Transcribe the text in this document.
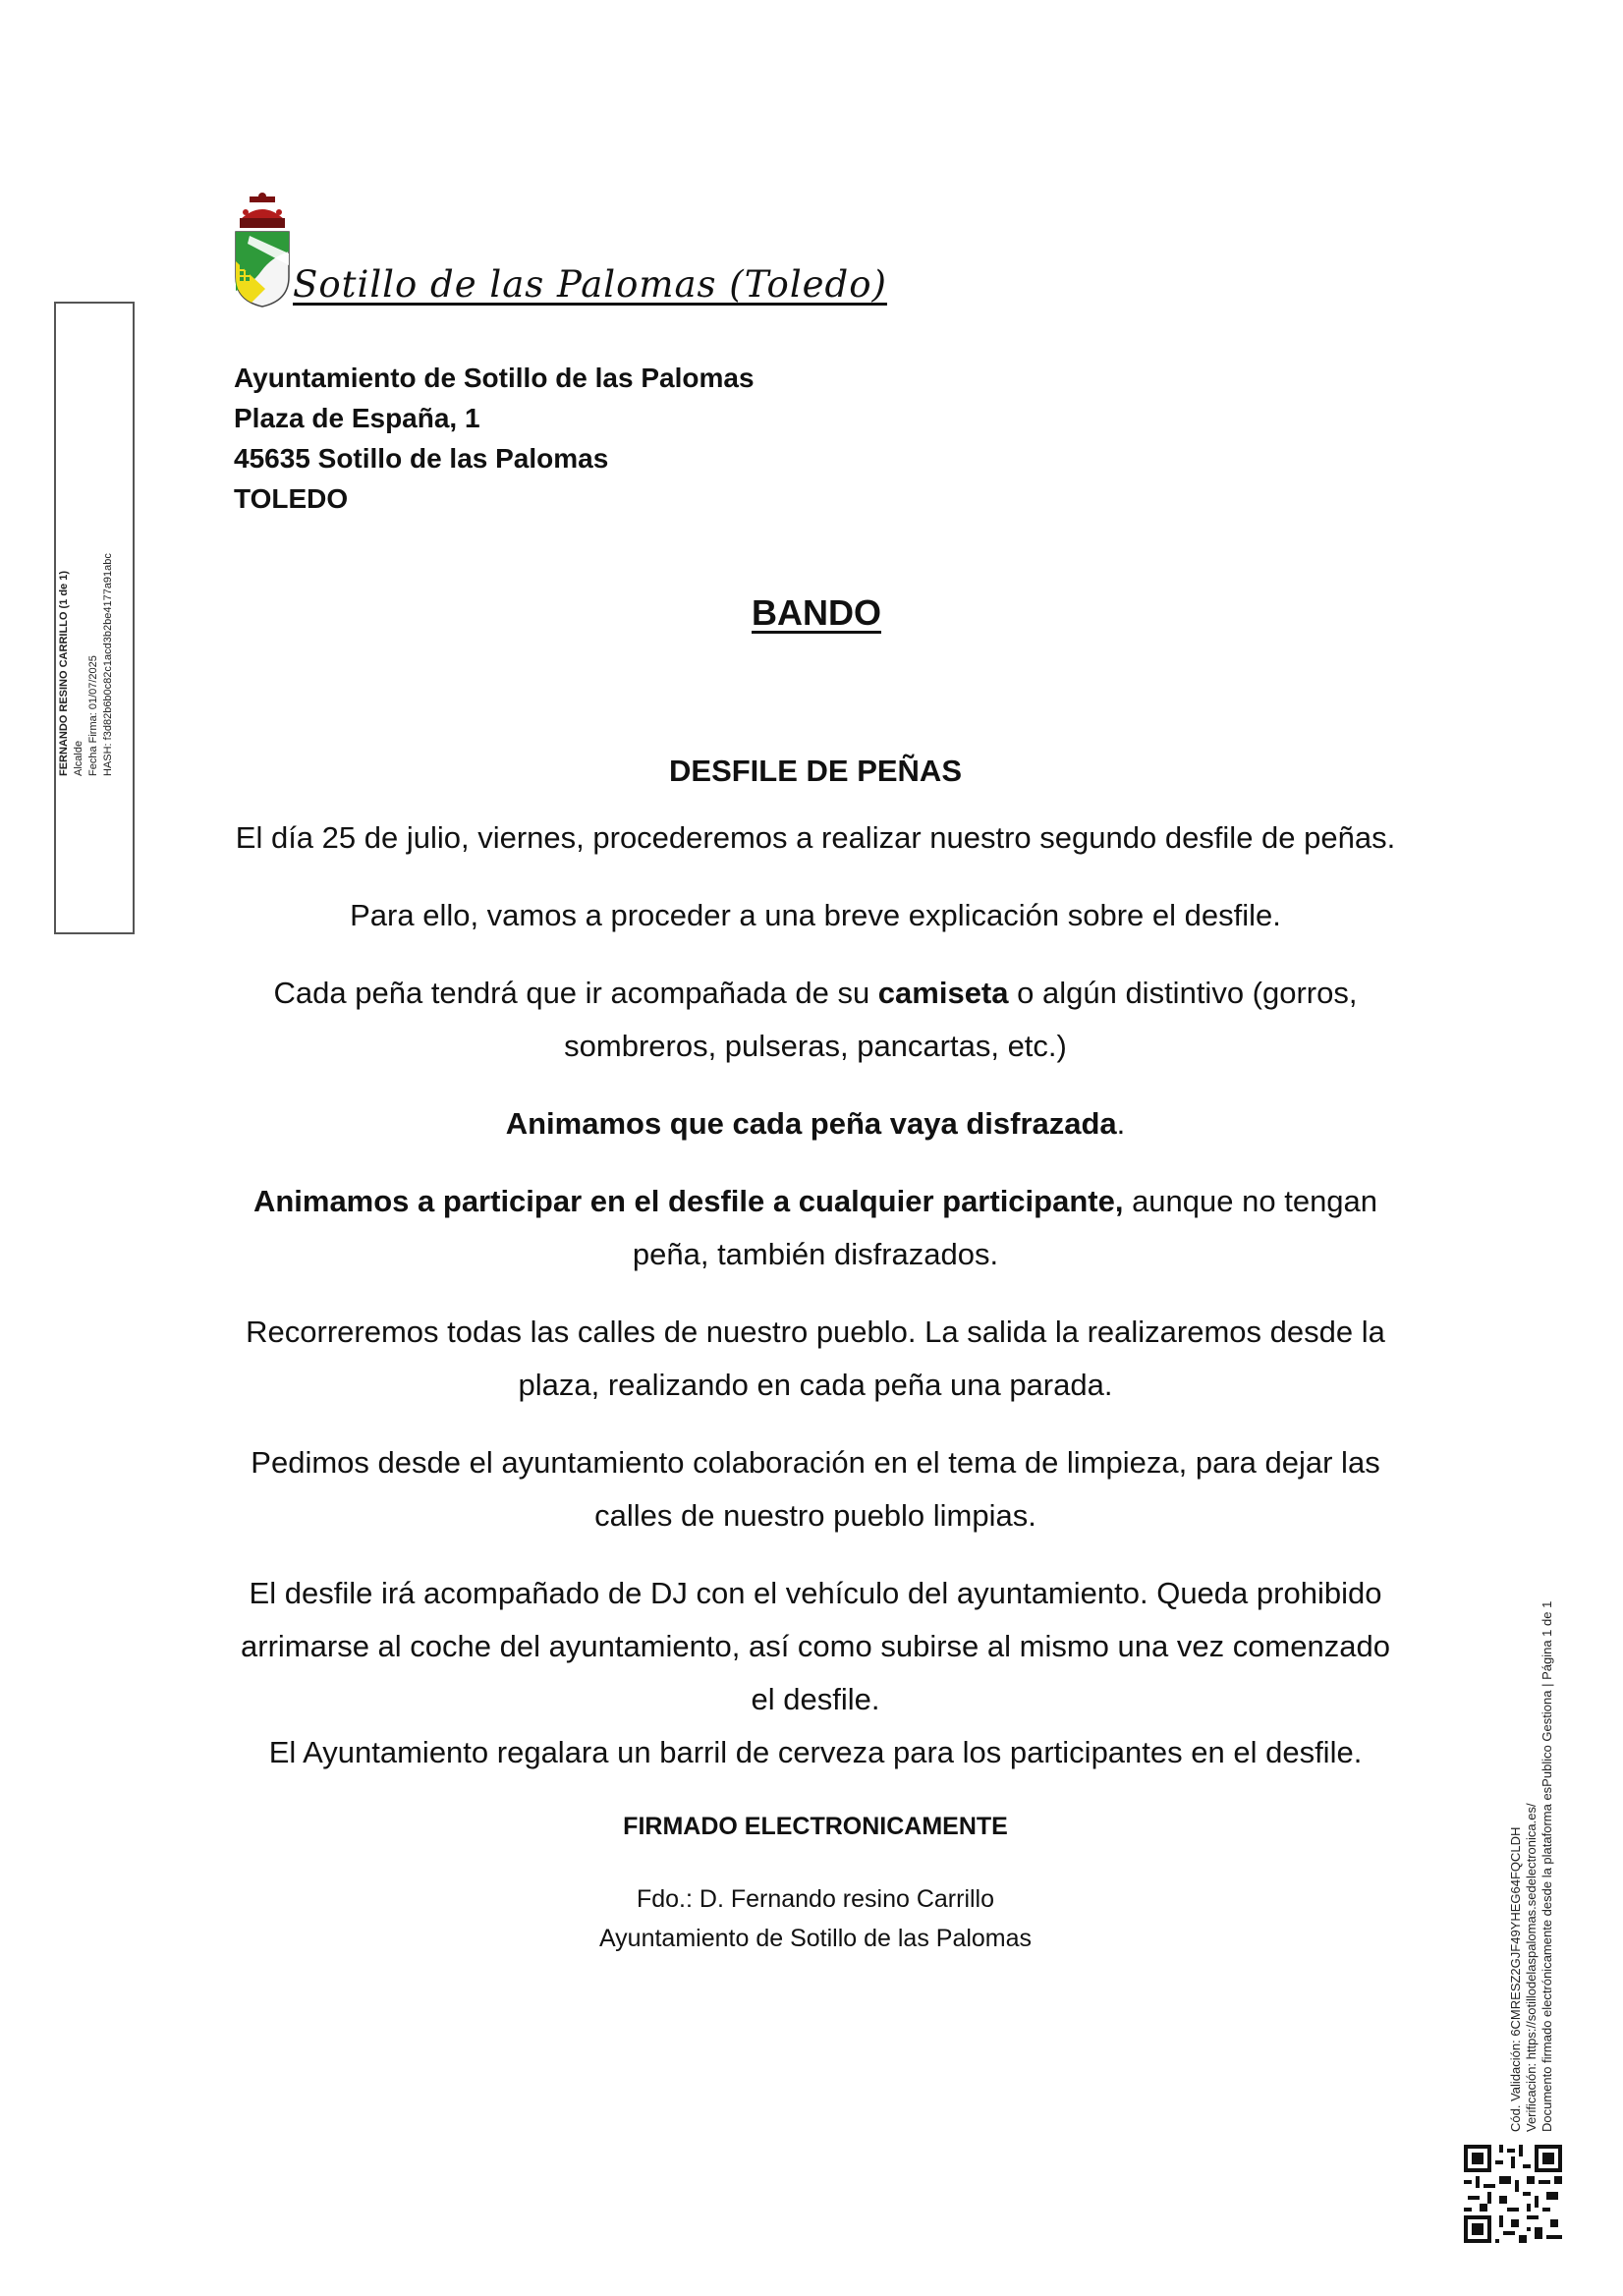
Sotillo de las Palomas (Toledo)
Ayuntamiento de Sotillo de las Palomas
Plaza de España, 1
45635 Sotillo de las Palomas
TOLEDO
BANDO

DESFILE DE PEÑAS

El día 25 de julio, viernes, procederemos a realizar nuestro segundo desfile de peñas.

Para ello, vamos a proceder a una breve explicación sobre el desfile.

Cada peña tendrá que ir acompañada de su camiseta o algún distintivo (gorros, sombreros, pulseras, pancartas, etc.)

Animamos que cada peña vaya disfrazada.

Animamos a participar en el desfile a cualquier participante, aunque no tengan peña, también disfrazados.

Recorreremos todas las calles de nuestro pueblo. La salida la realizaremos desde la plaza, realizando en cada peña una parada.

Pedimos desde el ayuntamiento colaboración en el tema de limpieza, para dejar las calles de nuestro pueblo limpias.

El desfile irá acompañado de DJ con el vehículo del ayuntamiento. Queda prohibido arrimarse al coche del ayuntamiento, así como subirse al mismo una vez comenzado el desfile.

El Ayuntamiento regalara un barril de cerveza para los participantes en el desfile.

FIRMADO ELECTRONICAMENTE

Fdo.: D. Fernando resino Carrillo
Ayuntamiento de Sotillo de las Palomas

FERNANDO RESINO CARRILLO (1 de 1) Alcalde Fecha Firma: 01/07/2025 HASH: f3d82b6b0c82c1acd3b2be4177a91abc
Cód. Validación: 6CMRESZ2GJF49YHEG64FQCLDH Verificación: https://sotillodelaspalomas.sedelectronica.es/ Documento firmado electrónicamente desde la plataforma esPublico Gestiona | Página 1 de 1
